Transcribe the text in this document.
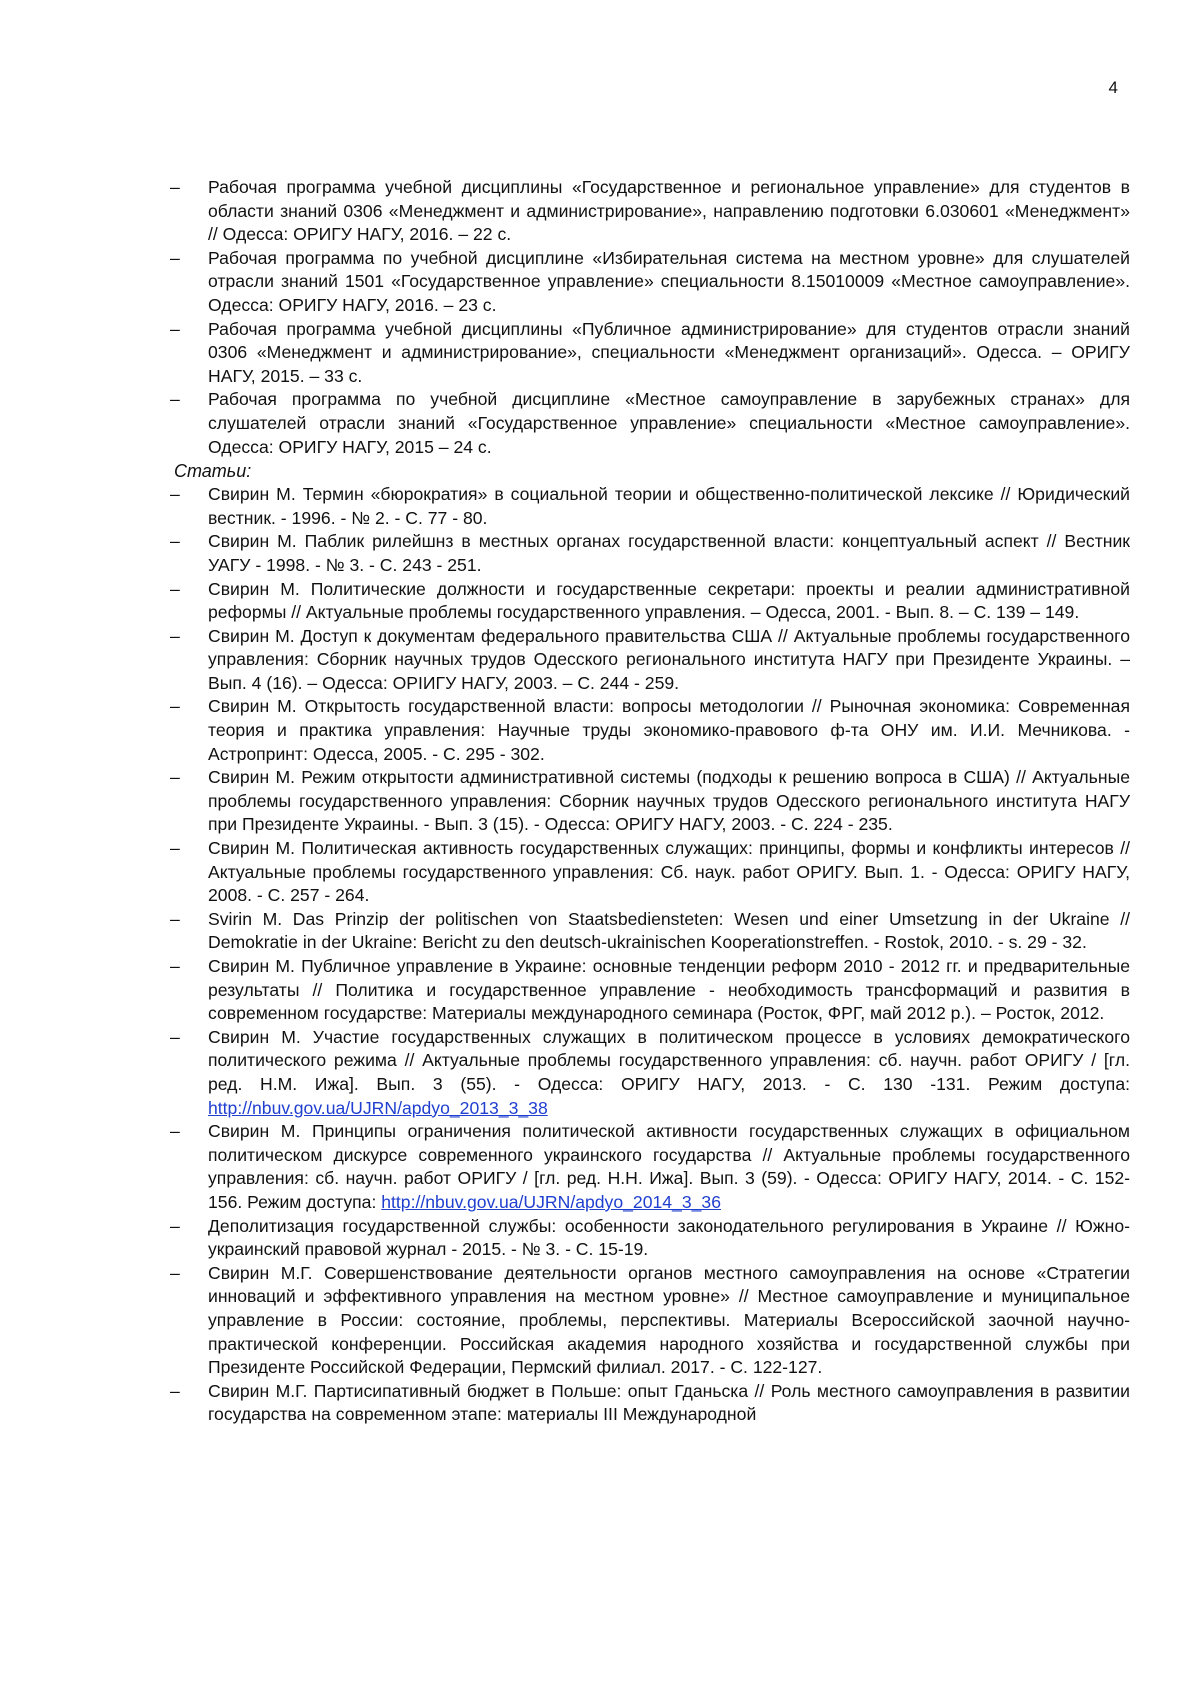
4
– Рабочая программа учебной дисциплины «Государственное и региональное управление» для студентов в области знаний 0306 «Менеджмент и администрирование», направлению подготовки 6.030601 «Менеджмент» // Одесса: ОРИГУ НАГУ, 2016. – 22 с.
– Рабочая программа по учебной дисциплине «Избирательная система на местном уровне» для слушателей отрасли знаний 1501 «Государственное управление» специальности 8.15010009 «Местное самоуправление». Одесса: ОРИГУ НАГУ, 2016. – 23 с.
– Рабочая программа учебной дисциплины «Публичное администрирование» для студентов отрасли знаний 0306 «Менеджмент и администрирование», специальности «Менеджмент организаций». Одесса. – ОРИГУ НАГУ, 2015. – 33 с.
– Рабочая программа по учебной дисциплине «Местное самоуправление в зарубежных странах» для слушателей отрасли знаний «Государственное управление» специальности «Местное самоуправление». Одесса: ОРИГУ НАГУ, 2015 – 24 с.
Статьи:
– Свирин М. Термин «бюрократия» в социальной теории и общественно-политической лексике // Юридический вестник. - 1996. - № 2. - С. 77 - 80.
– Свирин М. Паблик рилейшнз в местных органах государственной власти: концептуальный аспект // Вестник УАГУ - 1998. - № 3. - С. 243 - 251.
– Свирин М. Политические должности и государственные секретари: проекты и реалии административной реформы // Актуальные проблемы государственного управления. – Одесса, 2001. - Вып. 8. – С. 139 – 149.
– Свирин М. Доступ к документам федерального правительства США // Актуальные проблемы государственного управления: Сборник научных трудов Одесского регионального института НАГУ при Президенте Украины. – Вып. 4 (16). – Одесса: ОРІИГУ НАГУ, 2003. – С. 244 - 259.
– Свирин М. Открытость государственной власти: вопросы методологии // Рыночная экономика: Современная теория и практика управления: Научные труды экономико-правового ф-та ОНУ им. И.И. Мечникова. - Астропринт: Одесса, 2005. - С. 295 - 302.
– Свирин М. Режим открытости административной системы (подходы к решению вопроса в США) // Актуальные проблемы государственного управления: Сборник научных трудов Одесского регионального института НАГУ при Президенте Украины. - Вып. 3 (15). - Одесса: ОРИГУ НАГУ, 2003. - С. 224 - 235.
– Свирин М. Политическая активность государственных служащих: принципы, формы и конфликты интересов // Актуальные проблемы государственного управления: Сб. наук. работ ОРИГУ. Вып. 1. - Одесса: ОРИГУ НАГУ, 2008. - С. 257 - 264.
– Svirin M. Das Prinzip der politischen von Staatsbediensteten: Wesen und einer Umsetzung in der Ukraine // Demokratie in der Ukraine: Bericht zu den deutsch-ukrainischen Kooperationstreffen. - Rostok, 2010. - s. 29 - 32.
– Свирин М. Публичное управление в Украине: основные тенденции реформ 2010 - 2012 гг. и предварительные результаты // Политика и государственное управление - необходимость трансформаций и развития в современном государстве: Материалы международного семинара (Росток, ФРГ, май 2012 р.). – Росток, 2012.
– Свирин М. Участие государственных служащих в политическом процессе в условиях демократического политического режима // Актуальные проблемы государственного управления: сб. научн. работ ОРИГУ / [гл. ред. Н.М. Ижа]. Вып. 3 (55). - Одесса: ОРИГУ НАГУ, 2013. - С. 130 -131. Режим доступа: http://nbuv.gov.ua/UJRN/apdyo_2013_3_38
– Свирин М. Принципы ограничения политической активности государственных служащих в официальном политическом дискурсе современного украинского государства // Актуальные проблемы государственного управления: сб. научн. работ ОРИГУ / [гл. ред. Н.Н. Ижа]. Вып. 3 (59). - Одесса: ОРИГУ НАГУ, 2014. - С. 152-156. Режим доступа: http://nbuv.gov.ua/UJRN/apdyo_2014_3_36
– Деполитизация государственной службы: особенности законодательного регулирования в Украине // Южно-украинский правовой журнал - 2015. - № 3. - С. 15-19.
– Свирин М.Г. Совершенствование деятельности органов местного самоуправления на основе «Стратегии инноваций и эффективного управления на местном уровне» // Местное самоуправление и муниципальное управление в России: состояние, проблемы, перспективы. Материалы Всероссийской заочной научно-практической конференции. Российская академия народного хозяйства и государственной службы при Президенте Российской Федерации, Пермский филиал. 2017. - С. 122-127.
– Свирин М.Г. Партисипативный бюджет в Польше: опыт Гданьска // Роль местного самоуправления в развитии государства на современном этапе: материалы III Международной
